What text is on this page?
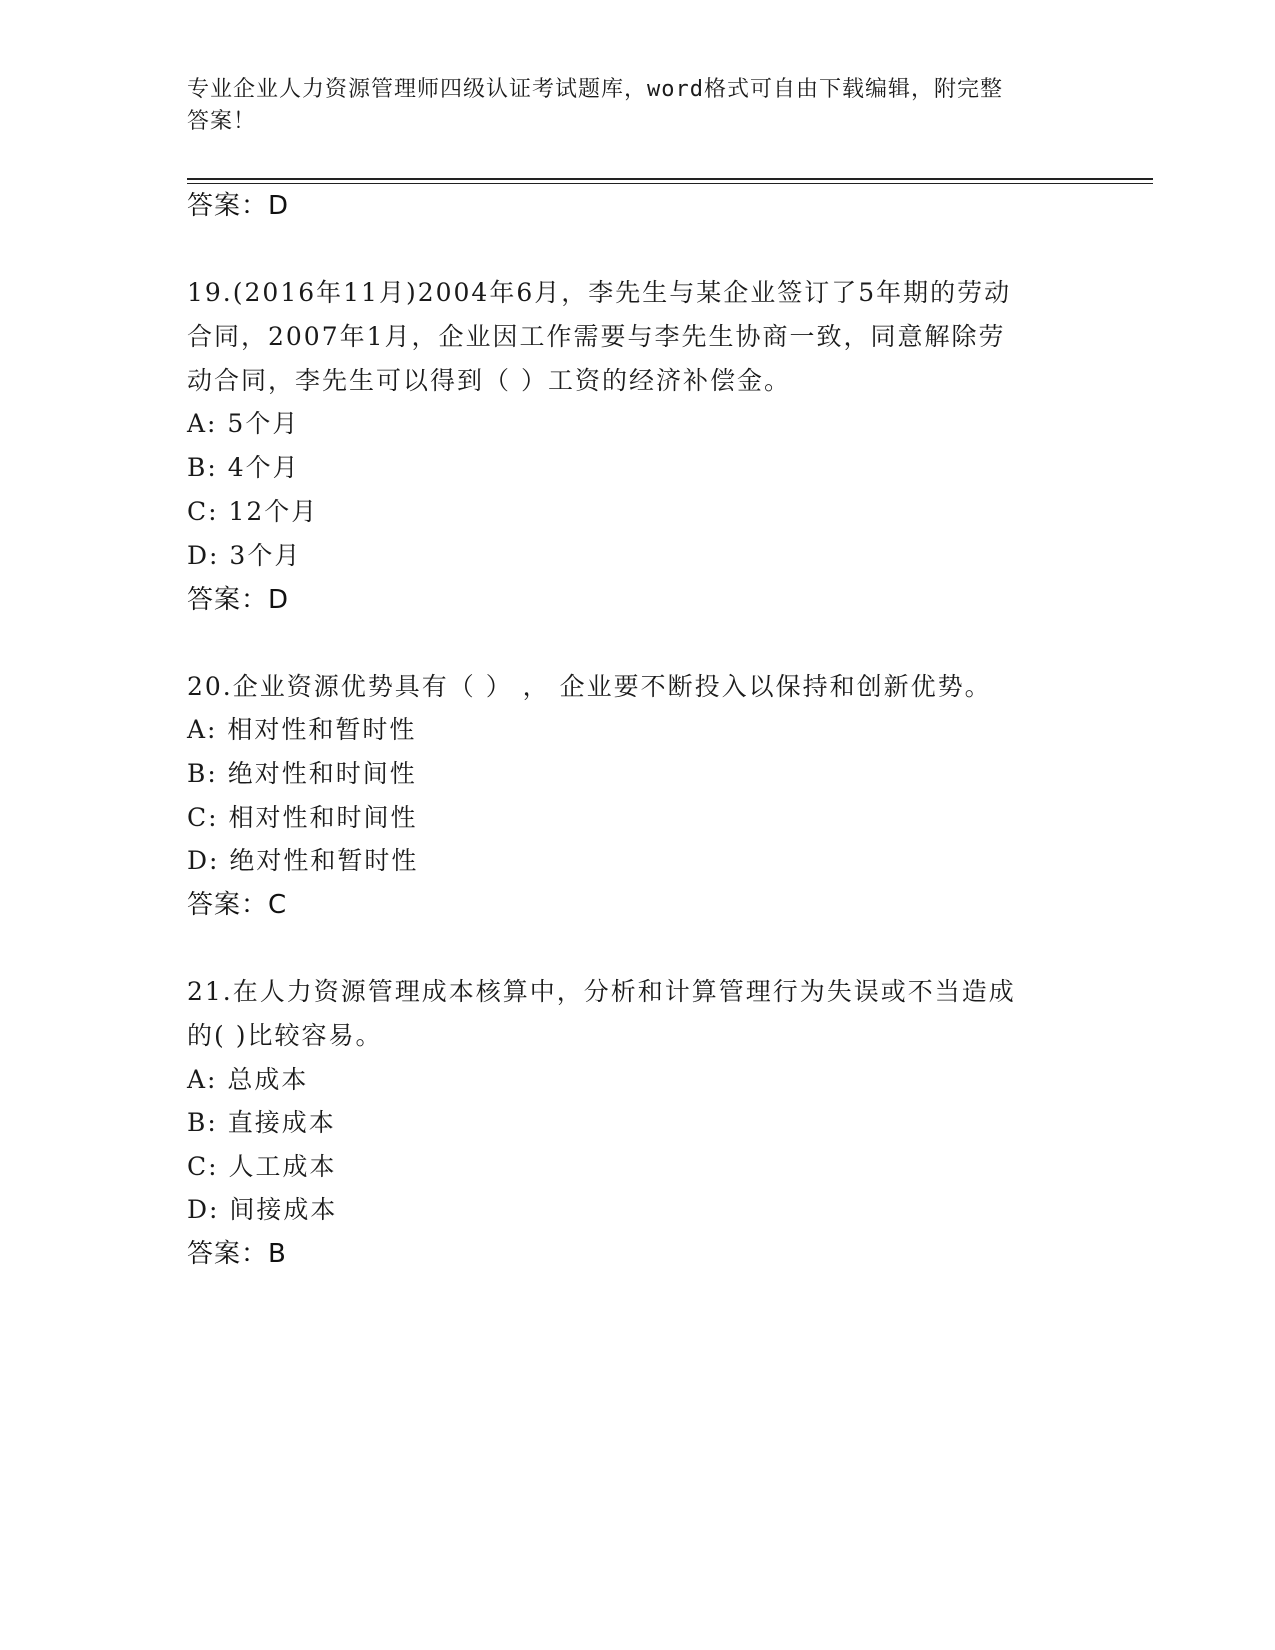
专业企业人力资源管理师四级认证考试题库，word格式可自由下载编辑，附完整
答案！
答案：D
19.(2016年11月)2004年6月，李先生与某企业签订了5年期的劳动
合同，2007年1月，企业因工作需要与李先生协商一致，同意解除劳
动合同，李先生可以得到（ ）工资的经济补偿金。
A: 5个月
B: 4个月
C: 12个月
D: 3个月
答案：D
20.企业资源优势具有（ ） ， 企业要不断投入以保持和创新优势。
A: 相对性和暂时性
B: 绝对性和时间性
C: 相对性和时间性
D: 绝对性和暂时性
答案：C
21.在人力资源管理成本核算中，分析和计算管理行为失误或不当造成
的( )比较容易。
A: 总成本
B: 直接成本
C: 人工成本
D: 间接成本
答案：B
